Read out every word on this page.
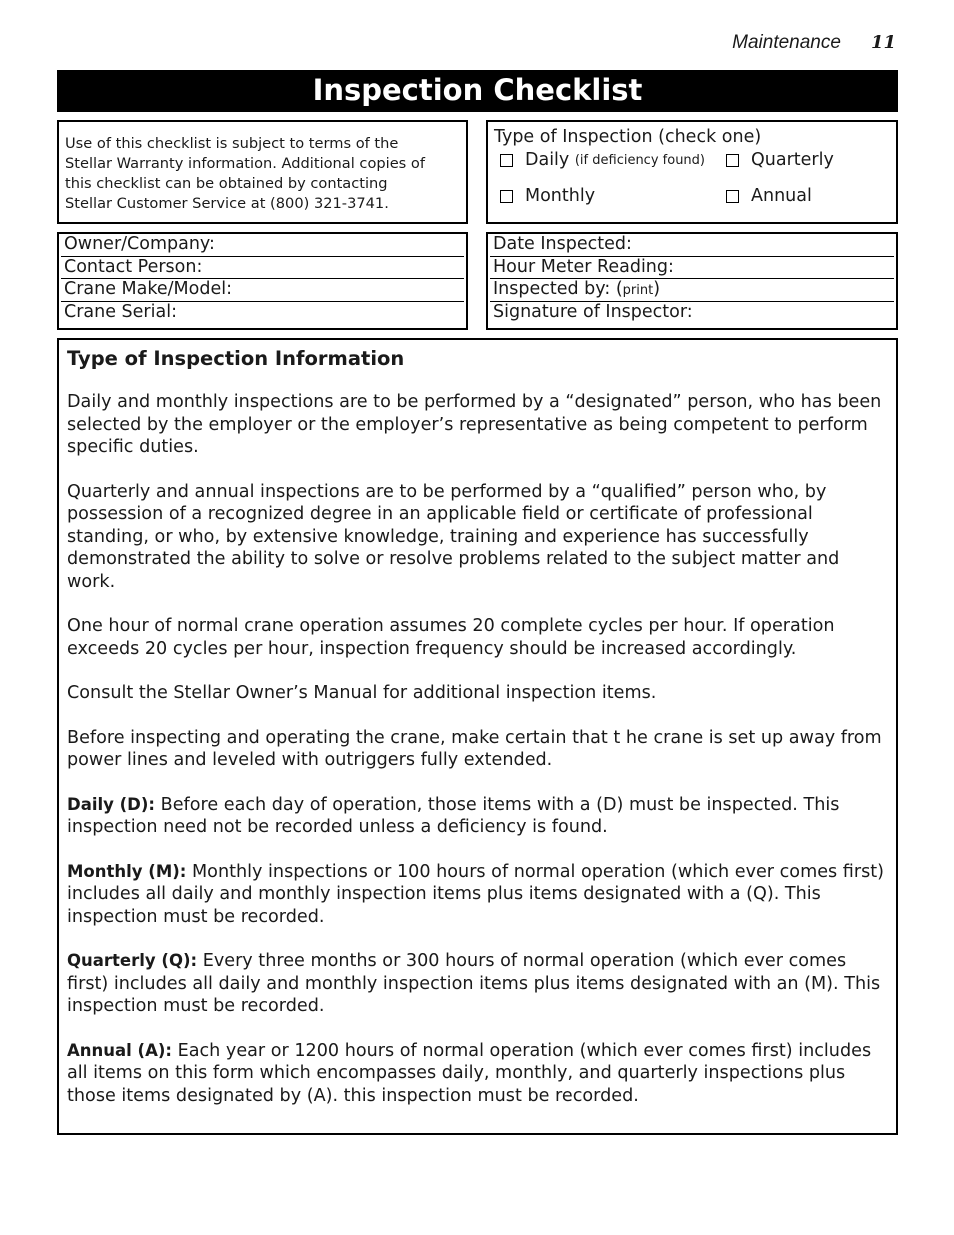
Maintenance 11
Inspection Checklist

Use of this checklist is subject to terms of the

Stellar Warranty information. Additional copies of

this checklist can be obtained by contacting

Stellar Customer Service at (800) 321-3741.

Type of Inspection (check one)
Daily
(if deficiency found)	Quarterly
Monthly	Annual
Owner/Company:
Contact Person:
Crane Make/Model:
Crane Serial:
Date Inspected:
Hour Meter Reading:
Inspected by: (print)
Signature of Inspector:
Type of Inspection Information

Daily and monthly inspections are to be performed by a “designated” person, who has been selected by the employer or the employer’s representative as being competent to perform specific duties.

Quarterly and annual inspections are to be performed by a “qualified” person who, by possession of a recognized degree in an applicable field or certificate of professional standing, or who, by extensive knowledge, training and experience has successfully demonstrated the ability to solve or resolve problems related to the subject matter and work.

One hour of normal crane operation assumes 20 complete cycles per hour. If operation exceeds 20 cycles per hour, inspection frequency should be increased accordingly.

Consult the Stellar Owner’s Manual for additional inspection items.

Before inspecting and operating the crane, make certain that t he crane is set up away from power lines and leveled with outriggers fully extended.

Daily (D): Before each day of operation, those items with a (D) must be inspected. This inspection need not be recorded unless a deficiency is found.

Monthly (M): Monthly inspections or 100 hours of normal operation (which ever comes first) includes all daily and monthly inspection items plus items designated with a (Q). This inspection must be recorded.

Quarterly (Q): Every three months or 300 hours of normal operation (which ever comes first) includes all daily and monthly inspection items plus items designated with an (M). This inspection must be recorded.

Annual (A): Each year or 1200 hours of normal operation (which ever comes first) includes all items on this form which encompasses daily, monthly, and quarterly inspections plus those items designated by (A). this inspection must be recorded.
